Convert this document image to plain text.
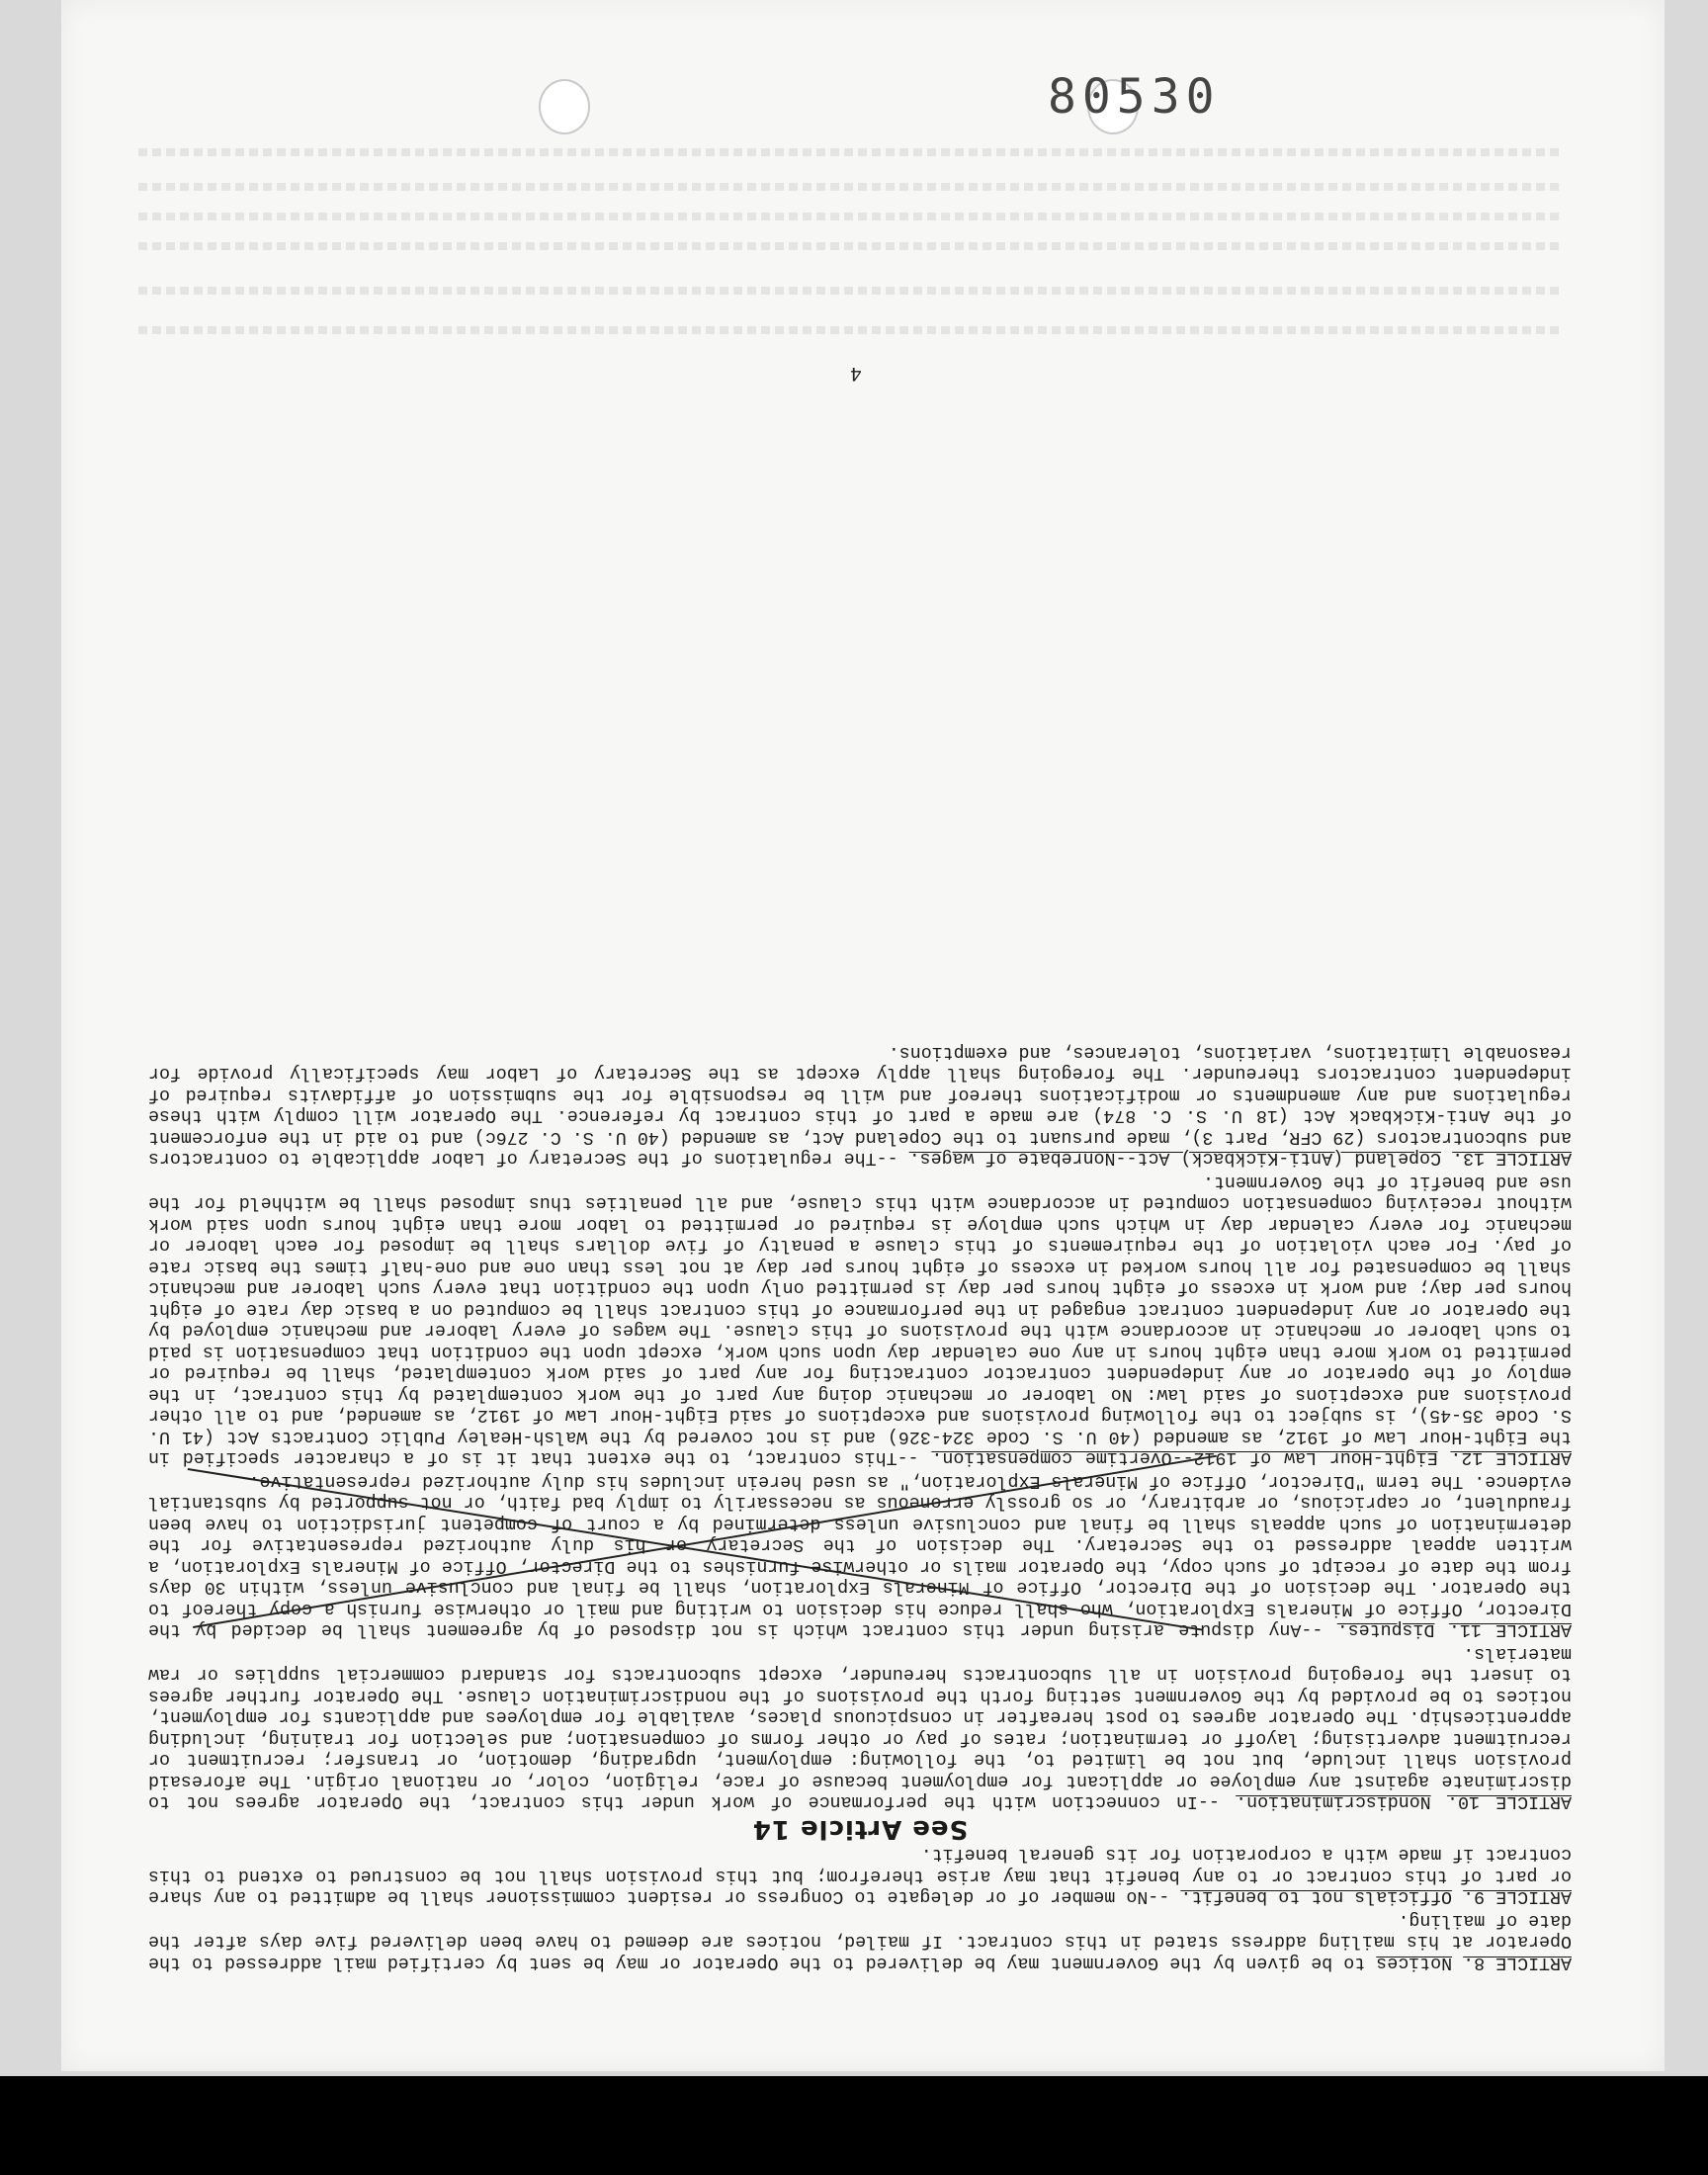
80530
4

ARTICLE 8. Notices to be given by the Government may be delivered to the Operator or may be sent by certified mail addressed to the Operator at his mailing address stated in this contract. If mailed, notices are deemed to have been delivered five days after the date of mailing.

ARTICLE 9. Officials not to benefit. --No member of or delegate to Congress or resident commissioner shall be admitted to any share or part of this contract or to any benefit that may arise therefrom; but this provision shall not be construed to extend to this contract if made with a corporation for its general benefit.

See Article 14

ARTICLE 10. Nondiscrimination. --In connection with the performance of work under this contract, the Operator agrees not to discriminate against any employee or applicant for employment because of race, religion, color, or national origin. The aforesaid provision shall include, but not be limited to, the following: employment, upgrading, demotion, or transfer; recruitment or recruitment advertising; layoff or termination; rates of pay or other forms of compensation; and selection for training, including apprenticeship. The Operator agrees to post hereafter in conspicuous places, available for employees and applicants for employment, notices to be provided by the Government setting forth the provisions of the nondiscrimination clause. The Operator further agrees to insert the foregoing provision in all subcontracts hereunder, except subcontracts for standard commercial supplies or raw materials.

ARTICLE 11. Disputes. --Any dispute arising under this contract which is not disposed of by agreement shall be decided by the Director, Office of Minerals Exploration, who shall reduce his decision to writing and mail or otherwise furnish a copy thereof to the Operator. The decision of the Director, Office of Minerals Exploration, shall be final and conclusive unless, within 30 days from the date of receipt of such copy, the Operator mails or otherwise furnishes to the Director, Office of Minerals Exploration, a written appeal addressed to the Secretary. The decision of the Secretary or his duly authorized representative for the determination of such appeals shall be final and conclusive unless determined by a court of competent jurisdiction to have been fraudulent, or capricious, or arbitrary, or so grossly erroneous as necessarily to imply bad faith, or not supported by substantial evidence. The term "Director, Office of Minerals Exploration," as used herein includes his duly authorized representative.

ARTICLE 12. Eight-Hour Law of 1912--Overtime compensation. --This contract, to the extent that it is of a character specified in the Eight-Hour Law of 1912, as amended (40 U. S. Code 324-326) and is not covered by the Walsh-Healey Public Contracts Act (41 U. S. Code 35-45), is subject to the following provisions and exceptions of said Eight-Hour Law of 1912, as amended, and to all other provisions and exceptions of said law: No laborer or mechanic doing any part of the work contemplated by this contract, in the employ of the Operator or any independent contractor contracting for any part of said work contemplated, shall be required or permitted to work more than eight hours in any one calendar day upon such work, except upon the condition that compensation is paid to such laborer or mechanic in accordance with the provisions of this clause. The wages of every laborer and mechanic employed by the Operator or any independent contract engaged in the performance of this contract shall be computed on a basic day rate of eight hours per day; and work in excess of eight hours per day is permitted only upon the condition that every such laborer and mechanic shall be compensated for all hours worked in excess of eight hours per day at not less than one and one-half times the basic rate of pay. For each violation of the requirements of this clause a penalty of five dollars shall be imposed for each laborer or mechanic for every calendar day in which such employe is required or permitted to labor more than eight hours upon said work without receiving compensation computed in accordance with this clause, and all penalties thus imposed shall be withheld for the use and benefit of the Government.

ARTICLE 13. Copeland (Anti-Kickback) Act--Nonrebate of wages. --The regulations of the Secretary of Labor applicable to contractors and subcontractors (29 CFR, Part 3), made pursuant to the Copeland Act, as amended (40 U. S. C. 276c) and to aid in the enforcement of the Anti-Kickback Act (18 U. S. C. 874) are made a part of this contract by reference. The Operator will comply with these regulations and any amendments or modifications thereof and will be responsible for the submission of affidavits required of independent contractors thereunder. The foregoing shall apply except as the Secretary of Labor may specifically provide for reasonable limitations, variations, tolerances, and exemptions.
